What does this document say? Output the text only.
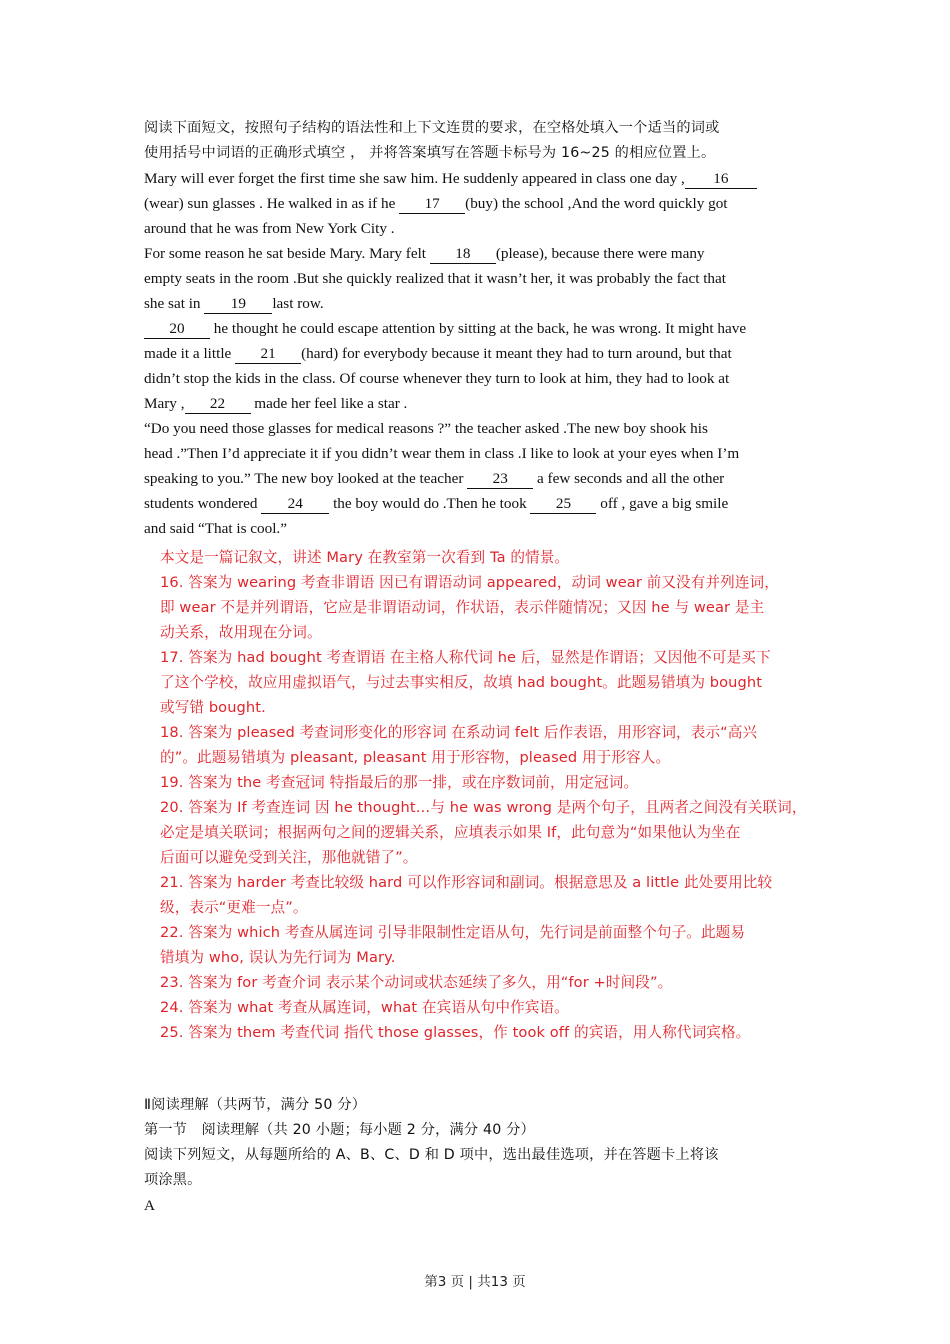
阅读下面短文，按照句子结构的语法性和上下文连贯的要求，在空格处填入一个适当的词或
使用括号中词语的正确形式填空 ， 并将答案填写在答题卡标号为 16~25 的相应位置上。
Mary will ever forget the first time she saw him. He suddenly appeared in class one day , 16
(wear) sun glasses . He walked in as if he 17 (buy) the school ,And the word quickly got
around that he was from New York City .
For some reason he sat beside Mary. Mary felt 18 (please), because there were many
empty seats in the room .But she quickly realized that it wasn’t her, it was probably the fact that
she sat in 19 last row.
20 he thought he could escape attention by sitting at the back, he was wrong. It might have
made it a little 21 (hard) for everybody because it meant they had to turn around, but that
didn’t stop the kids in the class. Of course whenever they turn to look at him, they had to look at
Mary , 22 made her feel like a star .
“Do you need those glasses for medical reasons ?” the teacher asked .The new boy shook his
head .”Then I’d appreciate it if you didn’t wear them in class .I like to look at your eyes when I’m
speaking to you.” The new boy looked at the teacher 23 a few seconds and all the other
students wondered 24 the boy would do .Then he took 25 off , gave a big smile
and said “That is cool.”
本文是一篇记叙文，讲述 Mary 在教室第一次看到 Ta 的情景。
16. 答案为 wearing 考查非谓语 因已有谓语动词 appeared，动词 wear 前又没有并列连词，
即 wear 不是并列谓语，它应是非谓语动词，作状语，表示伴随情况；又因 he 与 wear 是主
动关系，故用现在分词。
17. 答案为 had bought 考查谓语 在主格人称代词 he 后，显然是作谓语；又因他不可是买下
了这个学校，故应用虚拟语气，与过去事实相反，故填 had bought。此题易错填为 bought
或写错 bought.
18. 答案为 pleased 考查词形变化的形容词 在系动词 felt 后作表语，用形容词，表示“高兴
的”。此题易错填为 pleasant, pleasant 用于形容物，pleased 用于形容人。
19. 答案为 the 考查冠词 特指最后的那一排，或在序数词前，用定冠词。
20. 答案为 If 考查连词 因 he thought…与 he was wrong 是两个句子，且两者之间没有关联词，
必定是填关联词；根据两句之间的逻辑关系，应填表示如果 If，此句意为“如果他认为坐在
后面可以避免受到关注，那他就错了”。
21. 答案为 harder 考查比较级 hard 可以作形容词和副词。根据意思及 a little 此处要用比较
级，表示“更难一点”。
22. 答案为 which 考查从属连词 引导非限制性定语从句，先行词是前面整个句子。此题易
错填为 who, 误认为先行词为 Mary.
23. 答案为 for 考查介词 表示某个动词或状态延续了多久，用“for +时间段”。
24. 答案为 what 考查从属连词，what 在宾语从句中作宾语。
25. 答案为 them 考查代词 指代 those glasses，作 took off 的宾语，用人称代词宾格。
Ⅱ阅读理解（共两节，满分 50 分）
第一节　阅读理解（共 20 小题；每小题 2 分，满分 40 分）
阅读下列短文，从每题所给的 A、B、C、D 和 D 项中，选出最佳选项，并在答题卡上将该
项涂黑。
A
第3 页 | 共13 页
